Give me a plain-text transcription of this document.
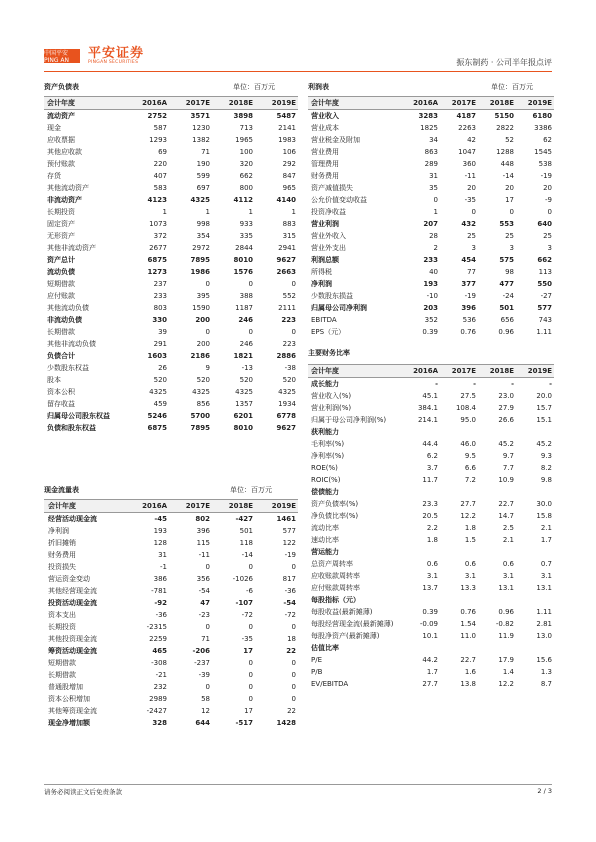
中国平安 PING AN	平安证券
PINGAN SECURITIES	振东制药 · 公司半年报点评
资产负债表	单位：百万元
会计年度	2016A	2017E	2018E	2019E
流动资产	2752	3571	3898	5487
现金	587	1230	713	2141
应收票据	1293	1382	1965	1983
其他应收款	69	71	100	106
预付账款	220	190	320	292
存货	407	599	662	847
其他流动资产	583	697	800	965
非流动资产	4123	4325	4112	4140
长期投资	1	1	1	1
固定资产	1073	998	933	883
无形资产	372	354	335	315
其他非流动资产	2677	2972	2844	2941
资产总计	6875	7895	8010	9627
流动负债	1273	1986	1576	2663
短期借款	237	0	0	0
应付账款	233	395	388	552
其他流动负债	803	1590	1187	2111
非流动负债	330	200	246	223
长期借款	39	0	0	0
其他非流动负债	291	200	246	223
负债合计	1603	2186	1821	2886
少数股东权益	26	9	-13	-38
股本	520	520	520	520
资本公积	4325	4325	4325	4325
留存收益	459	856	1357	1934
归属母公司股东权益	5246	5700	6201	6778
负债和股东权益	6875	7895	8010	9627
利润表	单位：百万元
会计年度	2016A	2017E	2018E	2019E
营业收入	3283	4187	5150	6180
营业成本	1825	2263	2822	3386
营业税金及附加	34	42	52	62
营业费用	863	1047	1288	1545
管理费用	289	360	448	538
财务费用	31	-11	-14	-19
资产减值损失	35	20	20	20
公允价值变动收益	0	-35	17	-9
投资净收益	1	0	0	0
营业利润	207	432	553	640
营业外收入	28	25	25	25
营业外支出	2	3	3	3
利润总额	233	454	575	662
所得税	40	77	98	113
净利润	193	377	477	550
少数股东损益	-10	-19	-24	-27
归属母公司净利润	203	396	501	577
EBITDA	352	536	656	743
EPS（元）	0.39	0.76	0.96	1.11
主要财务比率
会计年度	2016A	2017E	2018E	2019E
成长能力	-	-	-	-
营业收入(%)	45.1	27.5	23.0	20.0
营业利润(%)	384.1	108.4	27.9	15.7
归属于母公司净利润(%)	214.1	95.0	26.6	15.1
获利能力				
毛利率(%)	44.4	46.0	45.2	45.2
净利率(%)	6.2	9.5	9.7	9.3
ROE(%)	3.7	6.6	7.7	8.2
ROIC(%)	11.7	7.2	10.9	9.8
偿债能力				
资产负债率(%)	23.3	27.7	22.7	30.0
净负债比率(%)	20.5	12.2	14.7	15.8
流动比率	2.2	1.8	2.5	2.1
速动比率	1.8	1.5	2.1	1.7
营运能力				
总资产周转率	0.6	0.6	0.6	0.7
应收账款周转率	3.1	3.1	3.1	3.1
应付账款周转率	13.7	13.3	13.1	13.1
每股指标（元）				
每股收益(最新摊薄)	0.39	0.76	0.96	1.11
每股经营现金流(最新摊薄)	-0.09	1.54	-0.82	2.81
每股净资产(最新摊薄)	10.1	11.0	11.9	13.0
估值比率				
P/E	44.2	22.7	17.9	15.6
P/B	1.7	1.6	1.4	1.3
EV/EBITDA	27.7	13.8	12.2	8.7
现金流量表	单位：百万元
会计年度	2016A	2017E	2018E	2019E
经营活动现金流	-45	802	-427	1461
净利润	193	396	501	577
折旧摊销	128	115	118	122
财务费用	31	-11	-14	-19
投资损失	-1	0	0	0
营运资金变动	386	356	-1026	817
其他经营现金流	-781	-54	-6	-36
投资活动现金流	-92	47	-107	-54
资本支出	-36	-23	-72	-72
长期投资	-2315	0	0	0
其他投资现金流	2259	71	-35	18
筹资活动现金流	465	-206	17	22
短期借款	-308	-237	0	0
长期借款	-21	-39	0	0
普通股增加	232	0	0	0
资本公积增加	2989	58	0	0
其他筹资现金流	-2427	12	17	22
现金净增加额	328	644	-517	1428
请务必阅读正文后免责条款	2 / 3
